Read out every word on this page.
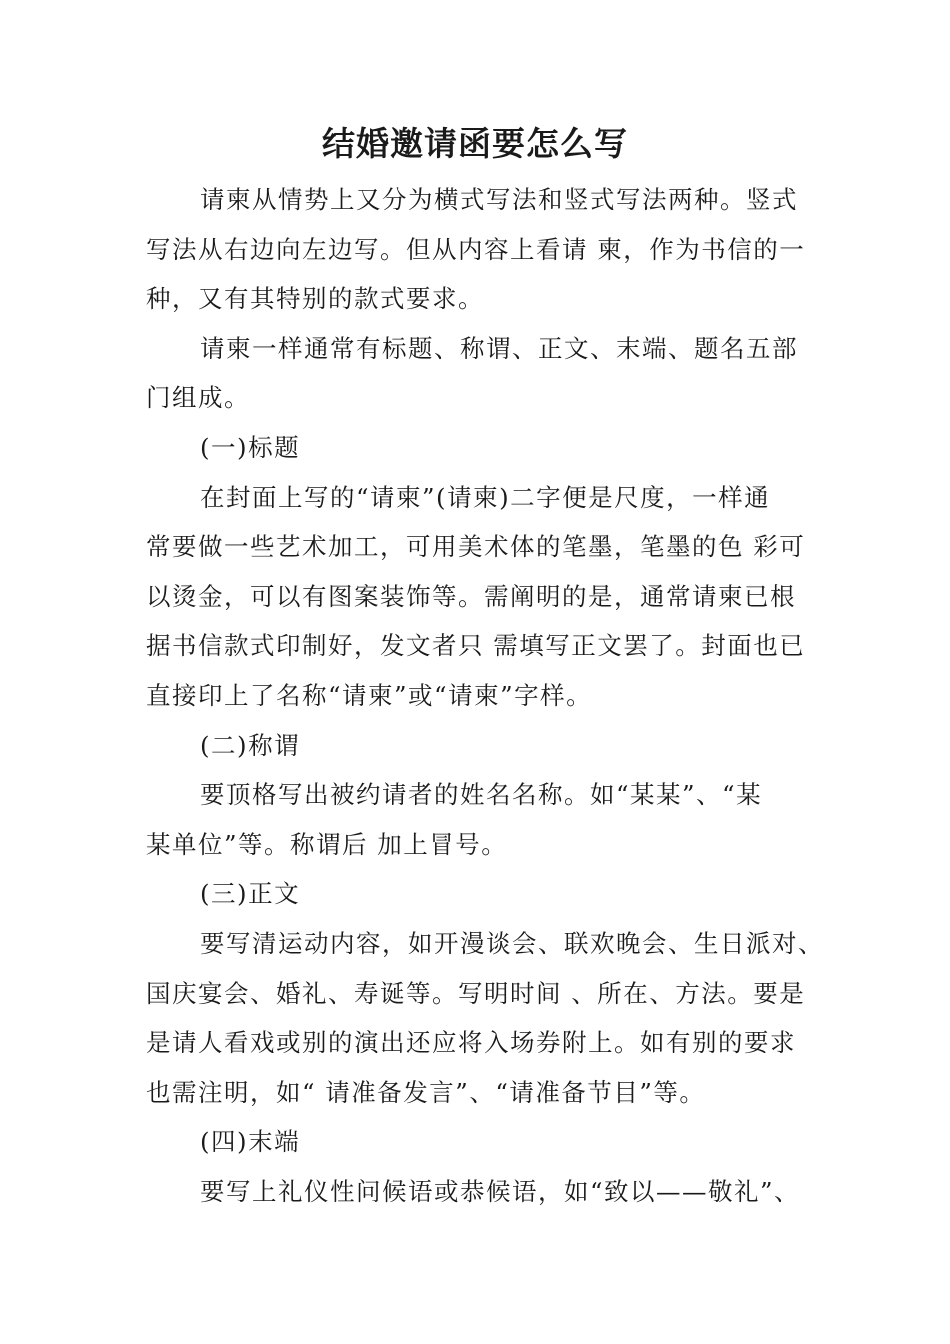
结婚邀请函要怎么写

请柬从情势上又分为横式写法和竖式写法两种。竖式
写法从右边向左边写。但从内容上看请 柬，作为书信的一
种，又有其特别的款式要求。

请柬一样通常有标题、称谓、正文、末端、题名五部
门组成。

(一)标题

在封面上写的“请柬”(请柬)二字便是尺度，一样通
常要做一些艺术加工，可用美术体的笔墨，笔墨的色 彩可
以烫金，可以有图案装饰等。需阐明的是，通常请柬已根
据书信款式印制好，发文者只 需填写正文罢了。封面也已
直接印上了名称“请柬”或“请柬”字样。

(二)称谓

要顶格写出被约请者的姓名名称。如“某某”、“某
某单位”等。称谓后 加上冒号。

(三)正文

要写清运动内容，如开漫谈会、联欢晚会、生日派对、
国庆宴会、婚礼、寿诞等。写明时间 、所在、方法。要是
是请人看戏或别的演出还应将入场券附上。如有别的要求
也需注明，如“ 请准备发言”、“请准备节目”等。

(四)末端

要写上礼仪性问候语或恭候语，如“致以——敬礼”、
